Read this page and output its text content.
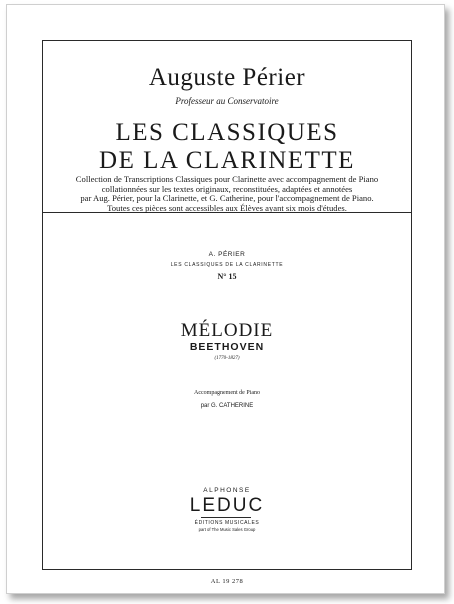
Auguste Périer
Professeur au Conservatoire
LES CLASSIQUES
DE LA CLARINETTE
Collection de Transcriptions Classiques pour Clarinette avec accompagnement de Piano
collationnées sur les textes originaux, reconstituées, adaptées et annotées
par Aug. Périer, pour la Clarinette, et G. Catherine, pour l'accompagnement de Piano.
Toutes ces pièces sont accessibles aux Élèves ayant six mois d'études.
A. PÉRIER
LES CLASSIQUES DE LA CLARINETTE
N° 15
MÉLODIE
BEETHOVEN
(1770-1827)
Accompagnement de Piano
par G. CATHERINE
ALPHONSE
LEDUC
ÉDITIONS MUSICALES
part of The Music Sales Group
AL 19 278
